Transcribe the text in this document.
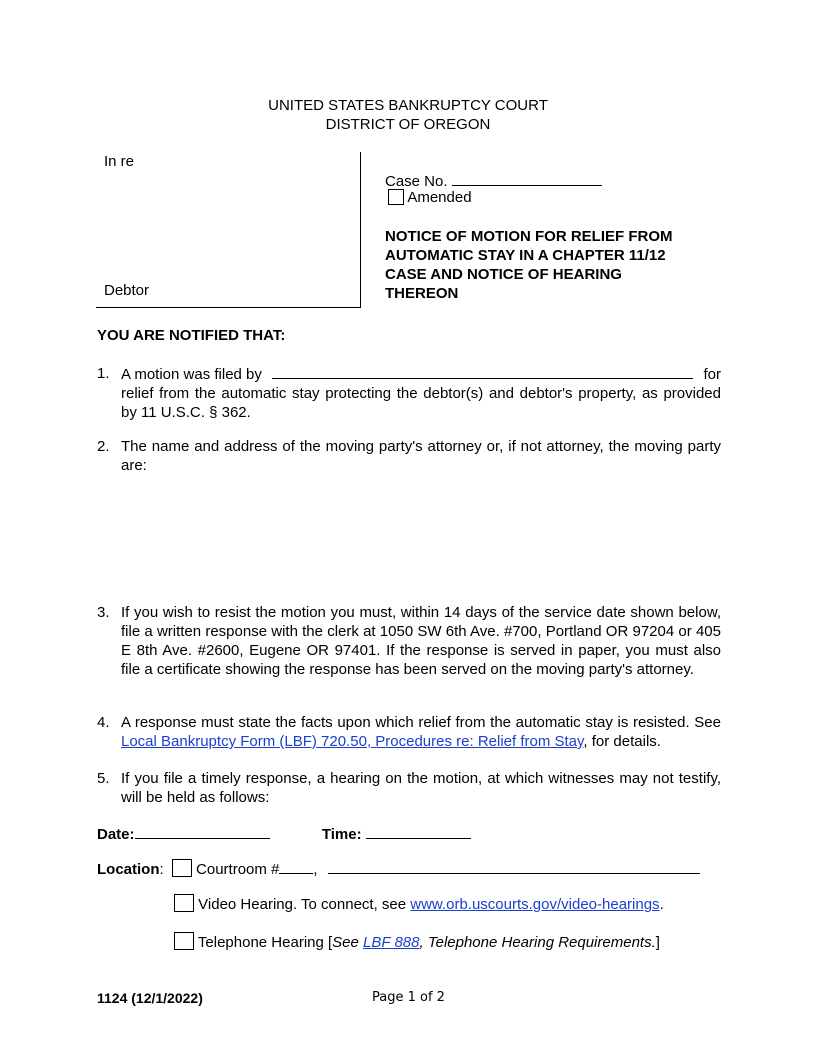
UNITED STATES BANKRUPTCY COURT
DISTRICT OF OREGON
In re
Debtor
Case No.
Amended
NOTICE OF MOTION FOR RELIEF FROM
AUTOMATIC STAY IN A CHAPTER 11/12
CASE AND NOTICE OF HEARING
THEREON
YOU ARE NOTIFIED THAT:
1. A motion was filed by	for
relief from the automatic stay protecting the debtor(s) and debtor's property, as provided by 11 U.S.C. § 362.
2. The name and address of the moving party's attorney or, if not attorney, the moving party are:
3. If you wish to resist the motion you must, within 14 days of the service date shown below, file a written response with the clerk at 1050 SW 6th Ave. #700, Portland OR 97204 or 405 E 8th Ave. #2600, Eugene OR 97401. If the response is served in paper, you must also file a certificate showing the response has been served on the moving party's attorney.
4. A response must state the facts upon which relief from the automatic stay is resisted. See Local Bankruptcy Form (LBF) 720.50, Procedures re: Relief from Stay, for details.
5. If you file a timely response, a hearing on the motion, at which witnesses may not testify, will be held as follows:
Date:	Time:
Location: Courtroom # ,
Video Hearing. To connect, see www.orb.uscourts.gov/video-hearings.
Telephone Hearing [See LBF 888, Telephone Hearing Requirements.]
1124 (12/1/2022)	Page 1 of 2
